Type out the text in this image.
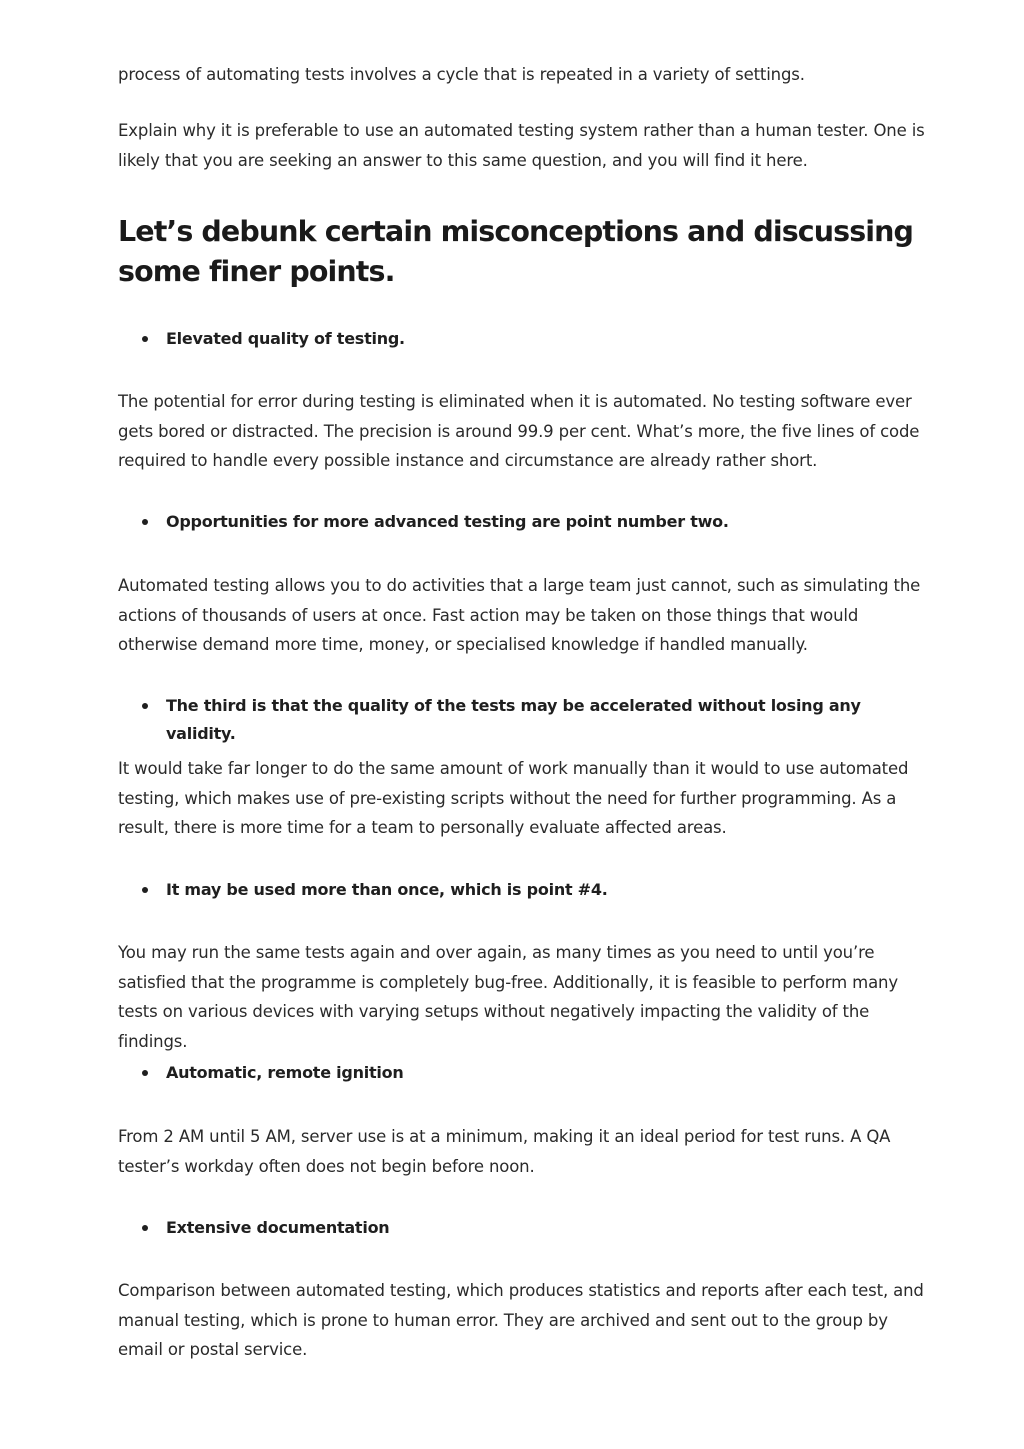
process of automating tests involves a cycle that is repeated in a variety of settings.

Explain why it is preferable to use an automated testing system rather than a human tester. One is likely that you are seeking an answer to this same question, and you will find it here.

Let’s debunk certain misconceptions and discussing some finer points.
Elevated quality of testing.

The potential for error during testing is eliminated when it is automated. No testing software ever gets bored or distracted. The precision is around 99.9 per cent. What’s more, the five lines of code required to handle every possible instance and circumstance are already rather short.

Opportunities for more advanced testing are point number two.

Automated testing allows you to do activities that a large team just cannot, such as simulating the actions of thousands of users at once. Fast action may be taken on those things that would otherwise demand more time, money, or specialised knowledge if handled manually.

The third is that the quality of the tests may be accelerated without losing any validity.

It would take far longer to do the same amount of work manually than it would to use automated testing, which makes use of pre-existing scripts without the need for further programming. As a result, there is more time for a team to personally evaluate affected areas.

It may be used more than once, which is point #4.

You may run the same tests again and over again, as many times as you need to until you’re satisfied that the programme is completely bug-free. Additionally, it is feasible to perform many tests on various devices with varying setups without negatively impacting the validity of the findings.

Automatic, remote ignition

From 2 AM until 5 AM, server use is at a minimum, making it an ideal period for test runs. A QA tester’s workday often does not begin before noon.

Extensive documentation

Comparison between automated testing, which produces statistics and reports after each test, and manual testing, which is prone to human error. They are archived and sent out to the group by email or postal service.
